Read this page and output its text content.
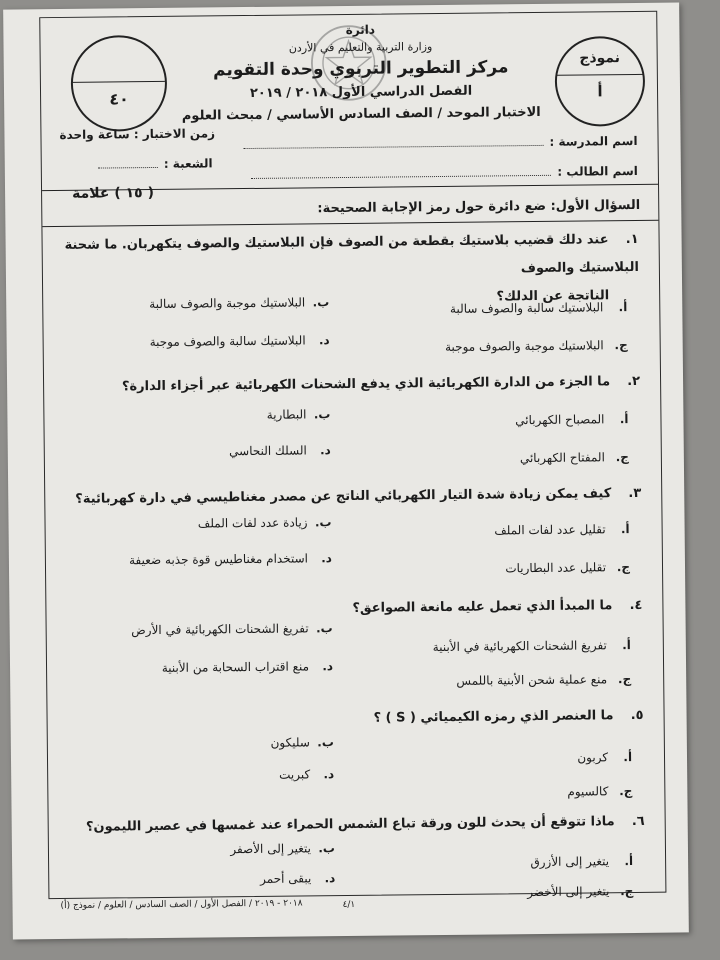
٤٠
دائرة
وزارة التربية والتعليم في الأردن
مركز التطوير التربوي وحدة التقويم
الفصل الدراسي الأول ٢٠١٨ / ٢٠١٩
الاختبار الموحد / الصف السادس الأساسي / مبحث العلوم
نموذج
أ
زمن الاختبار : ساعة واحدة
الشعبة :
اسم المدرسة :
اسم الطالب :
( ١٥ ) علامة
السؤال الأول: ضع دائرة حول رمز الإجابة الصحيحة:
١.عند دلك قضيب بلاستيك بقطعة من الصوف فإن البلاستيك والصوف يتكهربان. ما شحنة البلاستيك والصوف
الناتجة عن الدلك؟
أ.البلاستيك سالبة والصوف سالبة
ب.البلاستيك موجبة والصوف سالبة
ج.البلاستيك موجبة والصوف موجبة
د.البلاستيك سالبة والصوف موجبة
٢.ما الجزء من الدارة الكهربائية الذي يدفع الشحنات الكهربائية عبر أجزاء الدارة؟
أ.المصباح الكهربائي
ب.البطارية
ج.المفتاح الكهربائي
د.السلك النحاسي
٣.كيف يمكن زيادة شدة التيار الكهربائي الناتج عن مصدر مغناطيسي في دارة كهربائية؟
أ.تقليل عدد لفات الملف
ب.زيادة عدد لفات الملف
ج.تقليل عدد البطاريات
د.استخدام مغناطيس قوة جذبه ضعيفة
٤.ما المبدأ الذي تعمل عليه مانعة الصواعق؟
أ.تفريغ الشحنات الكهربائية في الأبنية
ب.تفريغ الشحنات الكهربائية في الأرض
ج.منع عملية شحن الأبنية باللمس
د.منع اقتراب السحابة من الأبنية
٥.ما العنصر الذي رمزه الكيميائي ( S ) ؟
أ.كربون
ب.سليكون
ج.كالسيوم
د.كبريت
٦.ماذا تتوقع أن يحدث للون ورقة تباع الشمس الحمراء عند غمسها في عصير الليمون؟
أ.يتغير إلى الأزرق
ب.يتغير إلى الأصفر
ج.يتغير إلى الأخضر
د.يبقى أحمر
٢٠١٨ - ٢٠١٩ / الفصل الأول / الصف السادس / العلوم / نموذج (أ)	٤/١
